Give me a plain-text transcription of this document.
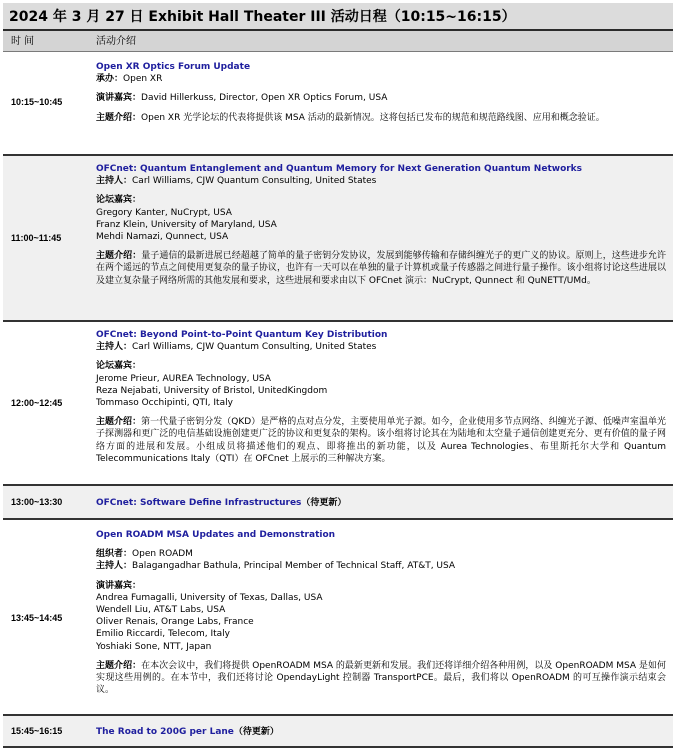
2024 年 3 月 27 日 Exhibit Hall Theater III 活动日程（10:15~16:15）
时 间	活动介绍
10:15~10:45
Open XR Optics Forum Update
承办：Open XR
演讲嘉宾：David Hillerkuss, Director, Open XR Optics Forum, USA
主题介绍：Open XR 光学论坛的代表将提供该 MSA 活动的最新情况。这将包括已发布的规范和规范路线图、应用和概念验证。
11:00~11:45
OFCnet: Quantum Entanglement and Quantum Memory for Next Generation Quantum Networks
主持人：Carl Williams, CJW Quantum Consulting, United States
论坛嘉宾：
Gregory Kanter, NuCrypt, USA
Franz Klein, University of Maryland, USA
Mehdi Namazi, Qunnect, USA
主题介绍：量子通信的最新进展已经超越了简单的量子密钥分发协议，发展到能够传输和存储纠缠光子的更广义的协议。原则上，这些进步允许在两个遥远的节点之间使用更复杂的量子协议，也许有一天可以在单独的量子计算机或量子传感器之间进行量子操作。该小组将讨论这些进展以及建立复杂量子网络所需的其他发展和要求，这些进展和要求由以下 OFCnet 演示：NuCrypt, Qunnect 和 QuNETT/UMd。
12:00~12:45
OFCnet: Beyond Point-to-Point Quantum Key Distribution
主持人：Carl Williams, CJW Quantum Consulting, United States
论坛嘉宾：
Jerome Prieur, AUREA Technology, USA
Reza Nejabati, University of Bristol, UnitedKingdom
Tommaso Occhipinti, QTI, Italy
主题介绍：第一代量子密钥分发（QKD）是严格的点对点分发，主要使用单光子源。如今，企业使用多节点网络、纠缠光子源、低噪声室温单光子探测器和更广泛的电信基础设施创建更广泛的协议和更复杂的架构。该小组将讨论其在为陆地和太空量子通信创建更充分、更有价值的量子网络方面的进展和发展。小组成员将描述他们的观点、即将推出的新功能，以及 Aurea Technologies、布里斯托尔大学和 Quantum Telecommunications Italy（QTI）在 OFCnet 上展示的三种解决方案。
13:00~13:30	OFCnet: Software Define Infrastructures（待更新）
13:45~14:45
Open ROADM MSA Updates and Demonstration
组织者：Open ROADM
主持人：Balagangadhar Bathula, Principal Member of Technical Staff, AT&T, USA
演讲嘉宾：
Andrea Fumagalli, University of Texas, Dallas, USA
Wendell Liu, AT&T Labs, USA
Oliver Renais, Orange Labs, France
Emilio Riccardi, Telecom, Italy
Yoshiaki Sone, NTT, Japan
主题介绍：在本次会议中，我们将提供 OpenROADM MSA 的最新更新和发展。我们还将详细介绍各种用例，以及 OpenROADM MSA 是如何实现这些用例的。在本节中，我们还将讨论 OpendayLight 控制器 TransportPCE。最后，我们将以 OpenROADM 的可互操作演示结束会议。
15:45~16:15	The Road to 200G per Lane（待更新）
